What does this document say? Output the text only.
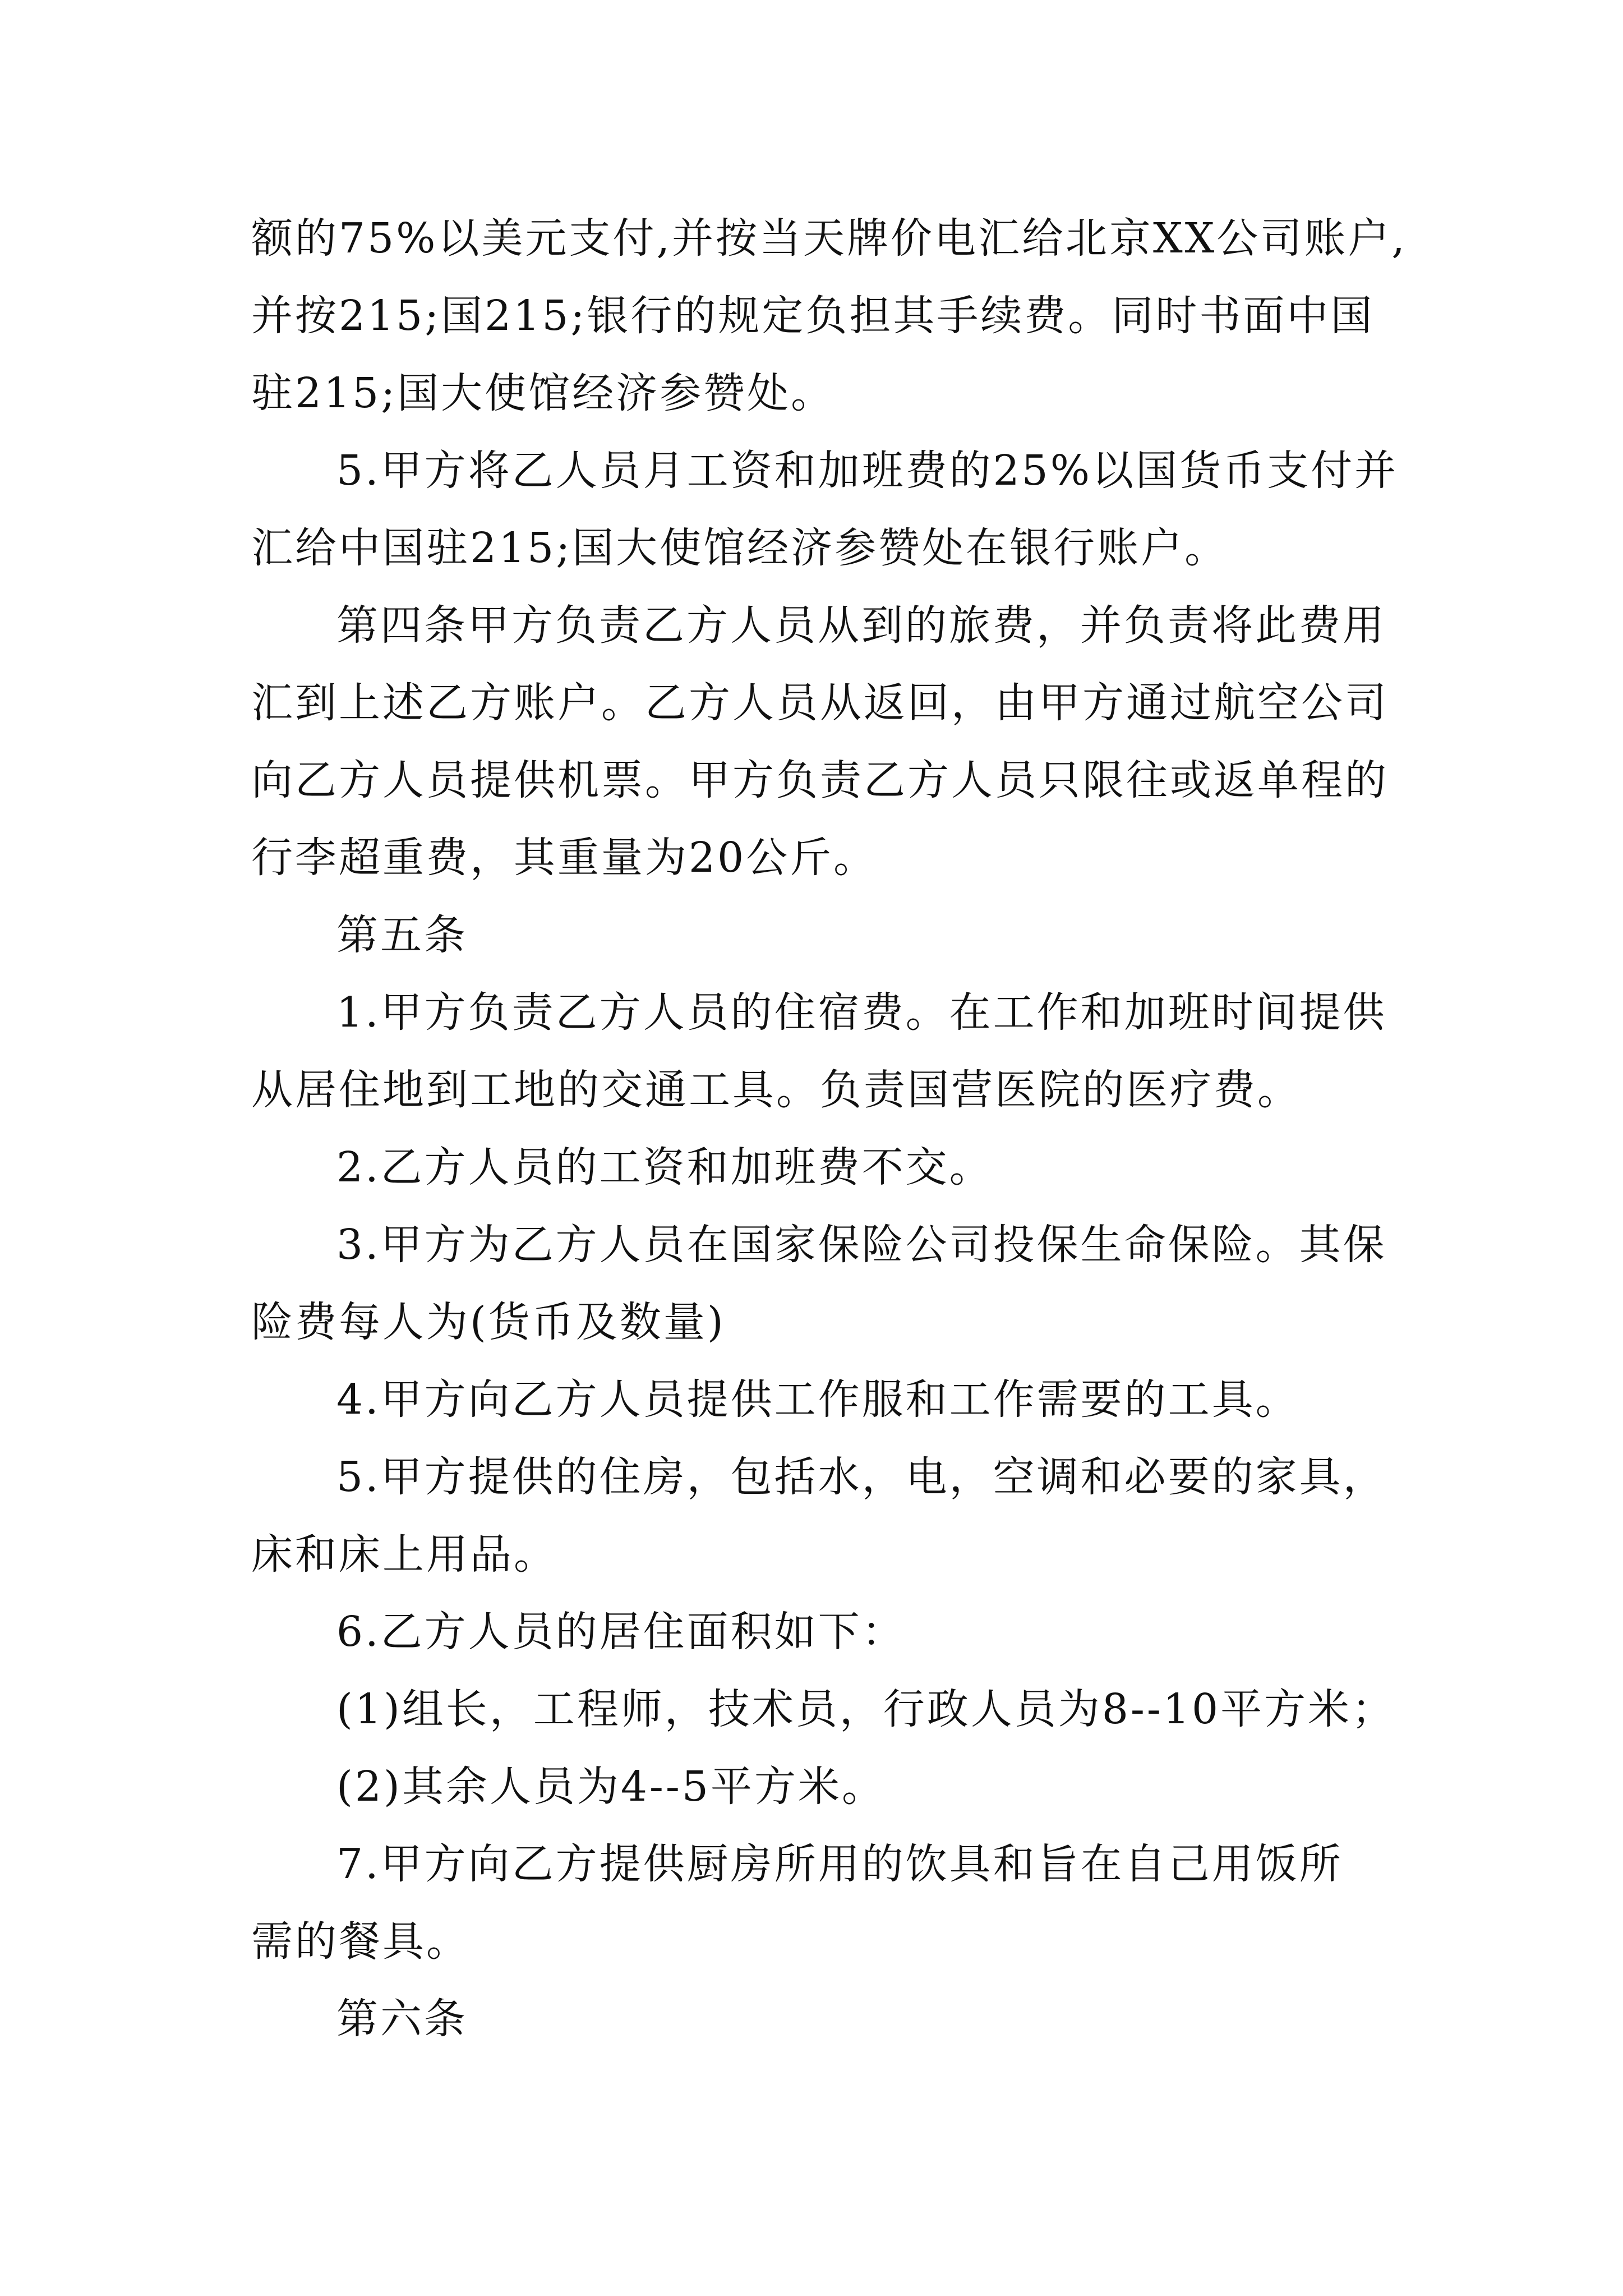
额的75%以美元支付,并按当天牌价电汇给北京XX公司账户,
并按215;国215;银行的规定负担其手续费。同时书面中国
驻215;国大使馆经济参赞处。
5.甲方将乙人员月工资和加班费的25%以国货币支付并
汇给中国驻215;国大使馆经济参赞处在银行账户。
第四条甲方负责乙方人员从到的旅费，并负责将此费用
汇到上述乙方账户。乙方人员从返回，由甲方通过航空公司
向乙方人员提供机票。甲方负责乙方人员只限往或返单程的
行李超重费，其重量为20公斤。
第五条
1.甲方负责乙方人员的住宿费。在工作和加班时间提供
从居住地到工地的交通工具。负责国营医院的医疗费。
2.乙方人员的工资和加班费不交。
3.甲方为乙方人员在国家保险公司投保生命保险。其保
险费每人为(货币及数量)
4.甲方向乙方人员提供工作服和工作需要的工具。
5.甲方提供的住房，包括水，电，空调和必要的家具，
床和床上用品。
6.乙方人员的居住面积如下：
(1)组长，工程师，技术员，行政人员为8--10平方米；
(2)其余人员为4--5平方米。
7.甲方向乙方提供厨房所用的饮具和旨在自己用饭所
需的餐具。
第六条
